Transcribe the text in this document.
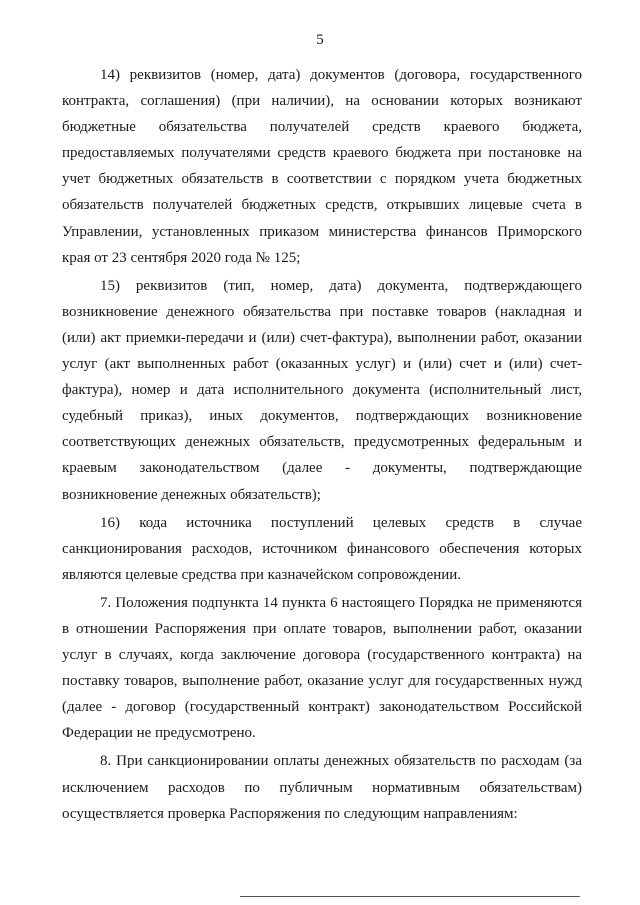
5

14) реквизитов (номер, дата) документов (договора, государственного контракта, соглашения) (при наличии), на основании которых возникают бюджетные обязательства получателей средств краевого бюджета, предоставляемых получателями средств краевого бюджета при постановке на учет бюджетных обязательств в соответствии с порядком учета бюджетных обязательств получателей бюджетных средств, открывших лицевые счета в Управлении, установленных приказом министерства финансов Приморского края от 23 сентября 2020 года № 125;

15) реквизитов (тип, номер, дата) документа, подтверждающего возникновение денежного обязательства при поставке товаров (накладная и (или) акт приемки-передачи и (или) счет-фактура), выполнении работ, оказании услуг (акт выполненных работ (оказанных услуг) и (или) счет и (или) счет-фактура), номер и дата исполнительного документа (исполнительный лист, судебный приказ), иных документов, подтверждающих возникновение соответствующих денежных обязательств, предусмотренных федеральным и краевым законодательством (далее - документы, подтверждающие возникновение денежных обязательств);

16) кода источника поступлений целевых средств в случае санкционирования расходов, источником финансового обеспечения которых являются целевые средства при казначейском сопровождении.

7. Положения подпункта 14 пункта 6 настоящего Порядка не применяются в отношении Распоряжения при оплате товаров, выполнении работ, оказании услуг в случаях, когда заключение договора (государственного контракта) на поставку товаров, выполнение работ, оказание услуг для государственных нужд (далее - договор (государственный контракт) законодательством Российской Федерации не предусмотрено.

8. При санкционировании оплаты денежных обязательств по расходам (за исключением расходов по публичным нормативным обязательствам) осуществляется проверка Распоряжения по следующим направлениям:
